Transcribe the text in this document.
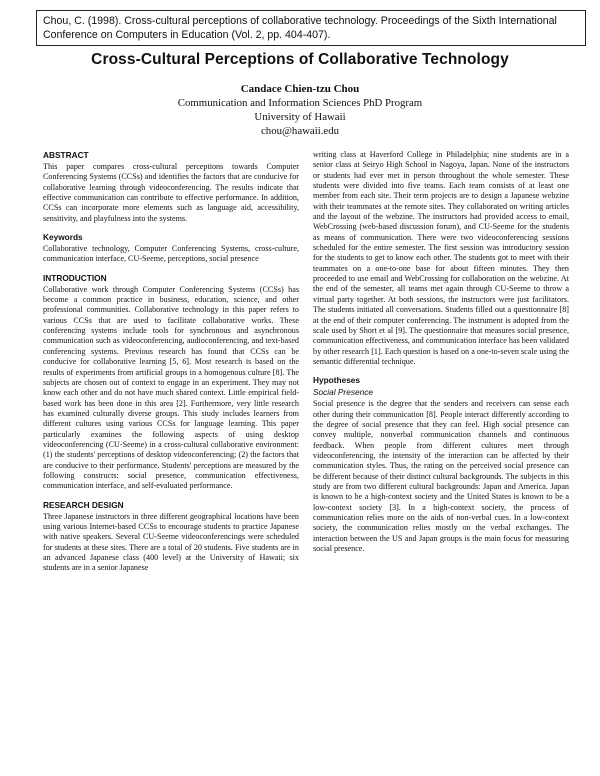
Chou, C. (1998). Cross-cultural perceptions of collaborative technology. Proceedings of the Sixth International Conference on Computers in Education (Vol. 2, pp. 404-407).
Cross-Cultural Perceptions of Collaborative Technology
Candace Chien-tzu Chou
Communication and Information Sciences PhD Program
University of Hawaii
chou@hawaii.edu
ABSTRACT

This paper compares cross-cultural perceptions towards Computer Conferencing Systems (CCSs) and identifies the factors that are conducive for collaborative learning through videoconferencing. The results indicate that effective communication can contribute to effective performance. In addition, CCSs can incorporate more elements such as language aid, accessibility, sensitivity, and playfulness into the systems.

Keywords

Collaborative technology, Computer Conferencing Systems, cross-culture, communication interface, CU-Seeme, perceptions, social presence

INTRODUCTION

Collaborative work through Computer Conferencing Systems (CCSs) has become a common practice in business, education, science, and other professional communities. Collaborative technology in this paper refers to various CCSs that are used to facilitate collaborative works. These conferencing systems include tools for synchronous and asynchronous communication such as videoconferencing, audioconferencing, and text-based conferencing systems. Previous research has found that CCSs can be conducive for collaborative learning [5, 6]. Most research is based on the results of experiments from artificial groups in a homogenous culture [8]. The subjects are chosen out of context to engage in an experiment. They may not know each other and do not have much shared context. Little empirical field-based work has been done in this area [2]. Furthermore, very little research has examined culturally diverse groups. This study includes learners from different cultures using various CCSs for language learning. This paper particularly examines the following aspects of using desktop videoconferencing (CU-Seeme) in a cross-cultural collaborative environment: (1) the students' perceptions of desktop videoconferencing; (2) the factors that are conducive to their performance. Students' perceptions are measured by the following constructs: social presence, communication effectiveness, communication interface, and self-evaluated performance.

RESEARCH DESIGN

Three Japanese instructors in three different geographical locations have been using various Internet-based CCSs to encourage students to practice Japanese with native speakers. Several CU-Seeme videoconferencings were scheduled for students at these sites. There are a total of 20 students. Five students are in an advanced Japanese class (400 level) at the University of Hawaii; six students are in a senior Japanese

writing class at Haverford College in Philadelphia; nine students are in a senior class at Seiryo High School in Nagoya, Japan. None of the instructors or students had ever met in person throughout the whole semester. These students were divided into five teams. Each team consists of at least one member from each site. Their term projects are to design a Japanese webzine with their teammates at the remote sites. They collaborated on writing articles and the layout of the webzine. The instructors had provided access to email, WebCrossing (web-based discussion forum), and CU-Seeme for the students as means of communication. There were two videoconferencing sessions scheduled for the entire semester. The first session was introductory session for the students to get to know each other. The students got to meet with their teammates on a one-to-one base for about fifteen minutes. They then proceeded to use email and WebCrossing for collaboration on the webzine. At the end of the semester, all teams met again through CU-Seeme to throw a virtual party together. At both sessions, the instructors were just facilitators. The students initiated all conversations. Students filled out a questionnaire [8] at the end of their computer conferencing. The instrument is adopted from the scale used by Short et al [9]. The questionnaire that measures social presence, communication effectiveness, and communication interface has been validated by other research [1]. Each question is based on a one-to-seven scale using the semantic differential technique.

Hypotheses
Social Presence

Social presence is the degree that the senders and receivers can sense each other during their communication [8]. People interact differently according to the degree of social presence that they can feel. High social presence can convey multiple, nonverbal communication channels and continuous feedback. When people from different cultures meet through videoconferencing, the intensity of the interaction can be affected by their communication styles. Thus, the rating on the perceived social presence can be different because of their distinct cultural backgrounds. The subjects in this study are from two different cultural backgrounds: Japan and America. Japan is known to be a high-context society and the United States is known to be a low-context society [3]. In a high-context society, the process of communication relies more on the aids of non-verbal cues. In a low-context society, the communication relies mostly on the verbal exchanges. The interaction between the US and Japan groups is the main focus for measuring social presence.
